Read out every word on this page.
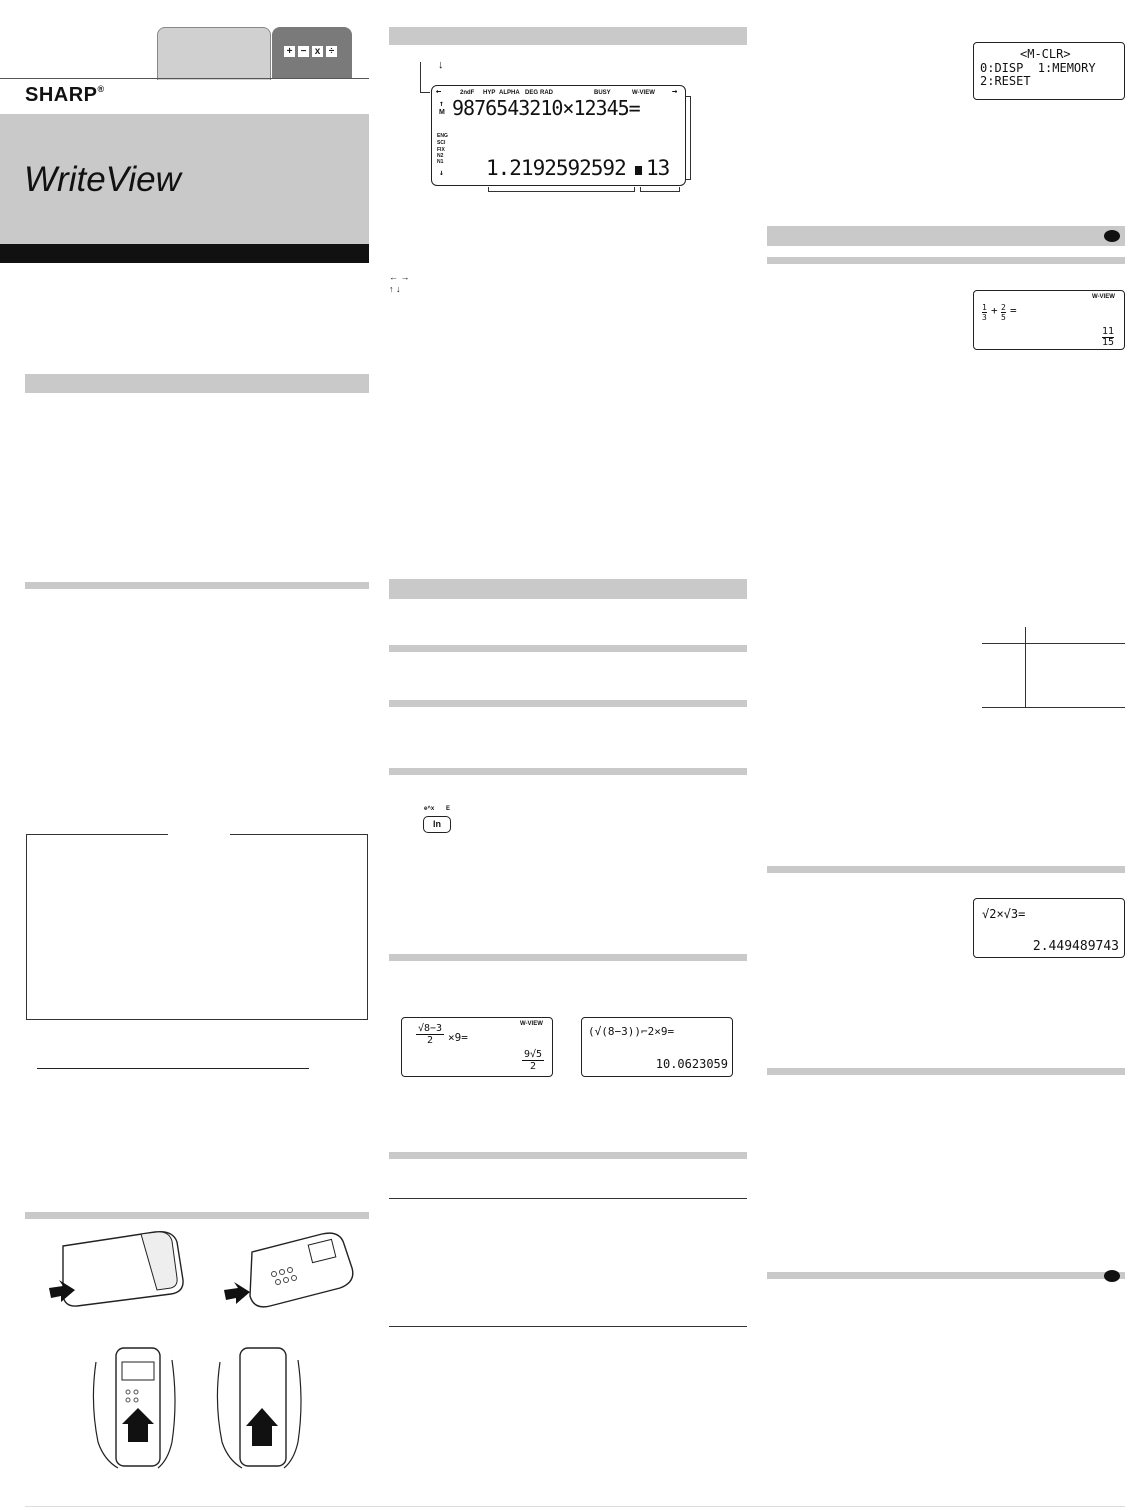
+ − x ÷
SHARP®
WriteView
↓
←	→
2ndF HYP ALPHA DEG RAD	BUSY	W-VIEW
↑
M 9876543210×12345=
ENG
SCI
FIX
N2
N1
↓ 1.2192592592 13
← →
↑ ↓
e^x E
ln
W-VIEW
$\frac{√8-3}{2} \times 9=$
$\frac{9√5}{2}$
(√(8−3))⌐2×9=
10.0623059
<M-CLR>
0:DISP  1:MEMORY
2:RESET
W-VIEW
$\frac{1}{3} + \frac{2}{5}$ =
$\frac{11}{15}$
√2×√3=
2.449489743
